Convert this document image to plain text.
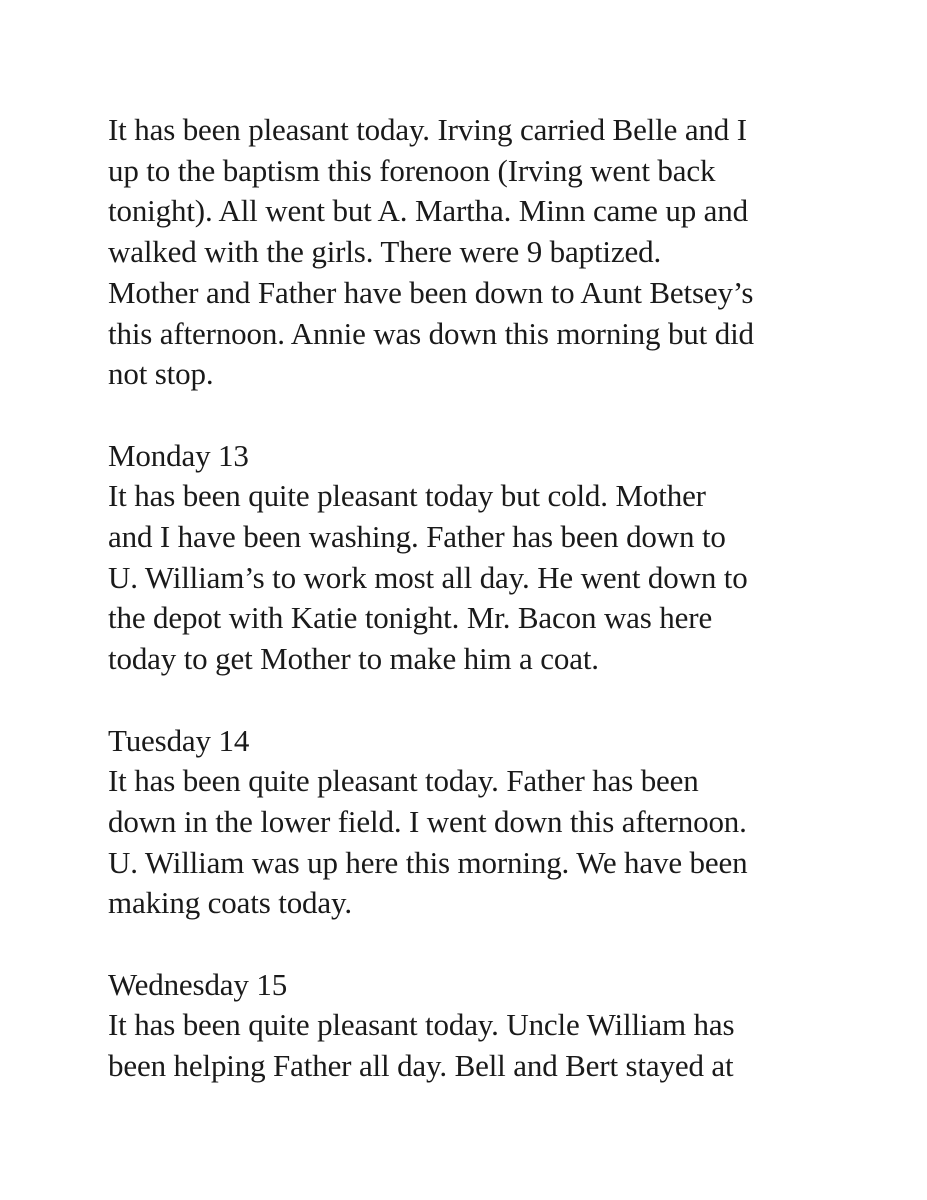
It has been pleasant today. Irving carried Belle and I
up to the baptism this forenoon (Irving went back
tonight). All went but A. Martha. Minn came up and
walked with the girls. There were 9 baptized.
Mother and Father have been down to Aunt Betsey’s
this afternoon. Annie was down this morning but did
not stop.
Monday 13
It has been quite pleasant today but cold. Mother
and I have been washing. Father has been down to
U. William’s to work most all day. He went down to
the depot with Katie tonight. Mr. Bacon was here
today to get Mother to make him a coat.
Tuesday 14
It has been quite pleasant today. Father has been
down in the lower field. I went down this afternoon.
U. William was up here this morning. We have been
making coats today.
Wednesday 15
It has been quite pleasant today. Uncle William has
been helping Father all day. Bell and Bert stayed at
